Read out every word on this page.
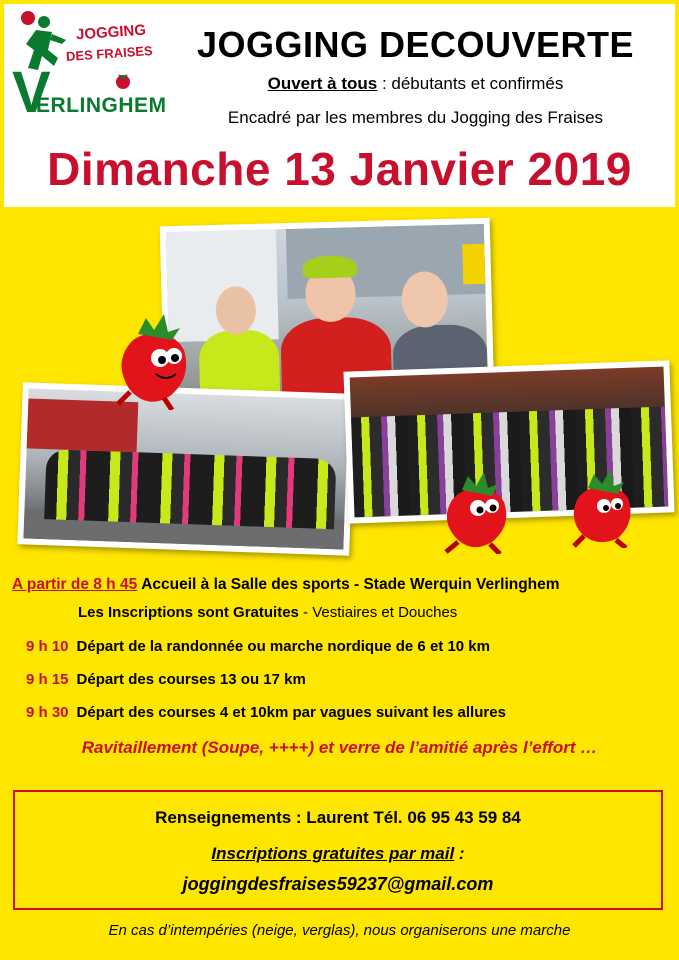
JOGGING
DES FRAISES
V
ERLINGHEM
JOGGING DECOUVERTE
Ouvert à tous : débutants et confirmés
Encadré par les membres du Jogging des Fraises
Dimanche 13 Janvier 2019
A partir de 8 h 45 Accueil à la Salle des sports - Stade Werquin Verlinghem
Les Inscriptions sont Gratuites - Vestiaires et Douches
9 h 10 Départ de la randonnée ou marche nordique de 6 et 10 km
9 h 15 Départ des courses 13 ou 17 km
9 h 30 Départ des courses 4 et 10km par vagues suivant les allures
Ravitaillement (Soupe, ++++) et verre de l’amitié après l’effort …
Renseignements : Laurent Tél. 06 95 43 59 84
Inscriptions gratuites par mail :
joggingdesfraises59237@gmail.com
En cas d’intempéries (neige, verglas), nous organiserons une marche
